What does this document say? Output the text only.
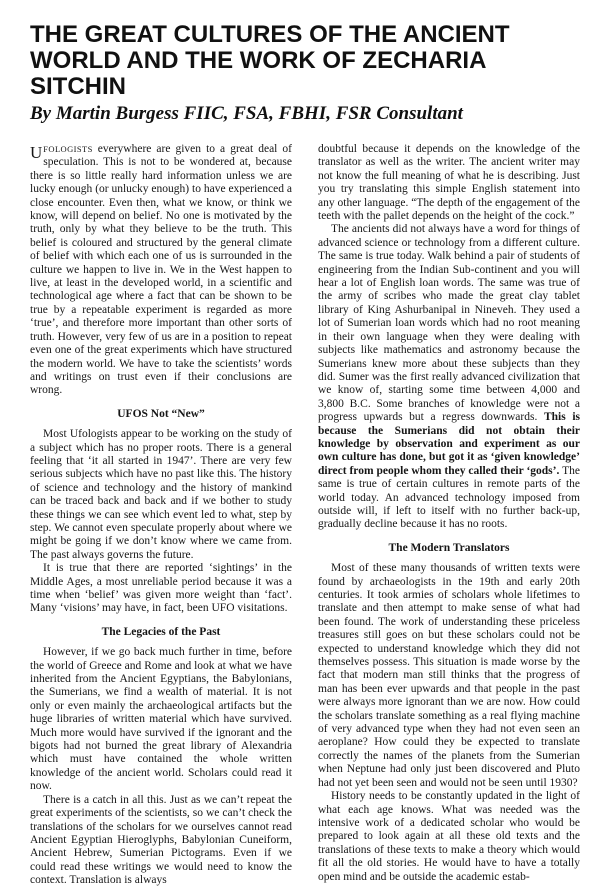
THE GREAT CULTURES OF THE ANCIENT WORLD AND THE WORK OF ZECHARIA SITCHIN
By Martin Burgess FIIC, FSA, FBHI, FSR Consultant

UFOLOGISTS everywhere are given to a great deal of speculation. This is not to be wondered at, because there is so little really hard information unless we are lucky enough (or unlucky enough) to have experienced a close encounter. Even then, what we know, or think we know, will depend on belief. No one is motivated by the truth, only by what they believe to be the truth. This belief is coloured and structured by the general climate of belief with which each one of us is surrounded in the culture we happen to live in. We in the West happen to live, at least in the developed world, in a scientific and technological age where a fact that can be shown to be true by a repeatable experiment is regarded as more ‘true’, and therefore more important than other sorts of truth. However, very few of us are in a position to repeat even one of the great experiments which have structured the modern world. We have to take the scientists’ words and writings on trust even if their conclusions are wrong.

UFOS Not “New”

Most Ufologists appear to be working on the study of a subject which has no proper roots. There is a general feeling that ‘it all started in 1947’. There are very few serious subjects which have no past like this. The history of science and technology and the history of mankind can be traced back and back and if we bother to study these things we can see which event led to what, step by step. We cannot even speculate properly about where we might be going if we don’t know where we came from. The past always governs the future.

It is true that there are reported ‘sightings’ in the Middle Ages, a most unreliable period because it was a time when ‘belief’ was given more weight than ‘fact’. Many ‘visions’ may have, in fact, been UFO visitations.

The Legacies of the Past

However, if we go back much further in time, before the world of Greece and Rome and look at what we have inherited from the Ancient Egyptians, the Babylonians, the Sumerians, we find a wealth of material. It is not only or even mainly the archaeological artifacts but the huge libraries of written material which have survived. Much more would have survived if the ignorant and the bigots had not burned the great library of Alexandria which must have contained the whole written knowledge of the ancient world. Scholars could read it now.

There is a catch in all this. Just as we can’t repeat the great experiments of the scientists, so we can’t check the translations of the scholars for we ourselves cannot read Ancient Egyptian Hieroglyphs, Babylonian Cuneiform, Ancient Hebrew, Sumerian Pictograms. Even if we could read these writings we would need to know the context. Translation is always

doubtful because it depends on the knowledge of the translator as well as the writer. The ancient writer may not know the full meaning of what he is describing. Just you try translating this simple English statement into any other language. “The depth of the engagement of the teeth with the pallet depends on the height of the cock.”

The ancients did not always have a word for things of advanced science or technology from a different culture. The same is true today. Walk behind a pair of students of engineering from the Indian Sub-continent and you will hear a lot of English loan words. The same was true of the army of scribes who made the great clay tablet library of King Ashurbanipal in Nineveh. They used a lot of Sumerian loan words which had no root meaning in their own language when they were dealing with subjects like mathematics and astronomy because the Sumerians knew more about these subjects than they did. Sumer was the first really advanced civilization that we know of, starting some time between 4,000 and 3,800 B.C. Some branches of knowledge were not a progress upwards but a regress downwards. This is because the Sumerians did not obtain their knowledge by observation and experiment as our own culture has done, but got it as ‘given knowledge’ direct from people whom they called their ‘gods’. The same is true of certain cultures in remote parts of the world today. An advanced technology imposed from outside will, if left to itself with no further back-up, gradually decline because it has no roots.

The Modern Translators

Most of these many thousands of written texts were found by archaeologists in the 19th and early 20th centuries. It took armies of scholars whole lifetimes to translate and then attempt to make sense of what had been found. The work of understanding these priceless treasures still goes on but these scholars could not be expected to understand knowledge which they did not themselves possess. This situation is made worse by the fact that modern man still thinks that the progress of man has been ever upwards and that people in the past were always more ignorant than we are now. How could the scholars translate something as a real flying machine of very advanced type when they had not even seen an aeroplane? How could they be expected to translate correctly the names of the planets from the Sumerian when Neptune had only just been discovered and Pluto had not yet been seen and would not be seen until 1930?

History needs to be constantly updated in the light of what each age knows. What was needed was the intensive work of a dedicated scholar who would be prepared to look again at all these old texts and the translations of these texts to make a theory which would fit all the old stories. He would have to have a totally open mind and be outside the academic estab-
